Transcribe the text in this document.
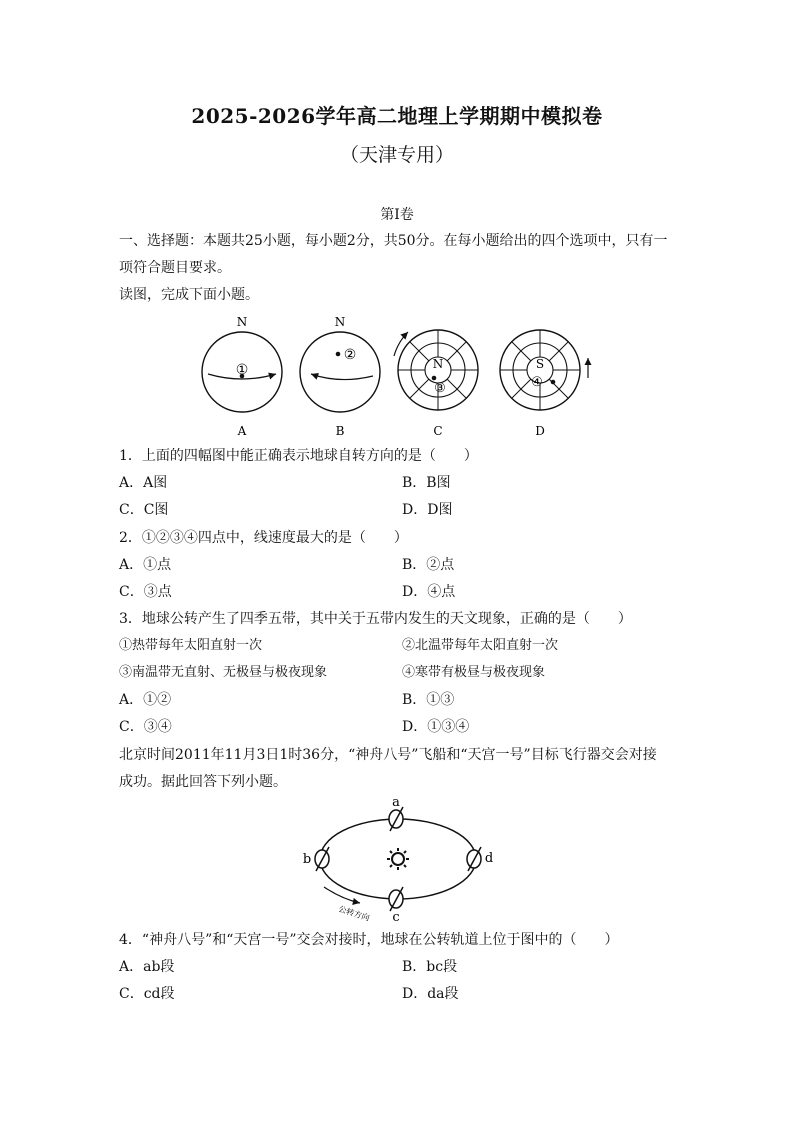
2025-2026学年高二地理上学期期中模拟卷
（天津专用）
第Ⅰ卷
一、选择题：本题共25小题，每小题2分，共50分。在每小题给出的四个选项中，只有一
项符合题目要求。
读图，完成下面小题。
N
①
A
N
②
B
N
③
C
S
④
D
1．上面的四幅图中能正确表示地球自转方向的是（　　）
A．A图	B．B图
C．C图	D．D图
2．①②③④四点中，线速度最大的是（　　）
A．①点	B．②点
C．③点	D．④点
3．地球公转产生了四季五带，其中关于五带内发生的天文现象，正确的是（　　）
①热带每年太阳直射一次	②北温带每年太阳直射一次
③南温带无直射、无极昼与极夜现象	④寒带有极昼与极夜现象
A．①②	B．①③
C．③④	D．①③④
北京时间2011年11月3日1时36分，“神舟八号”飞船和“天宫一号”目标飞行器交会对接
成功。据此回答下列小题。
a
b
c
d
公转方向
4．“神舟八号”和“天宫一号”交会对接时，地球在公转轨道上位于图中的（　　）
A．ab段	B．bc段
C．cd段	D．da段
